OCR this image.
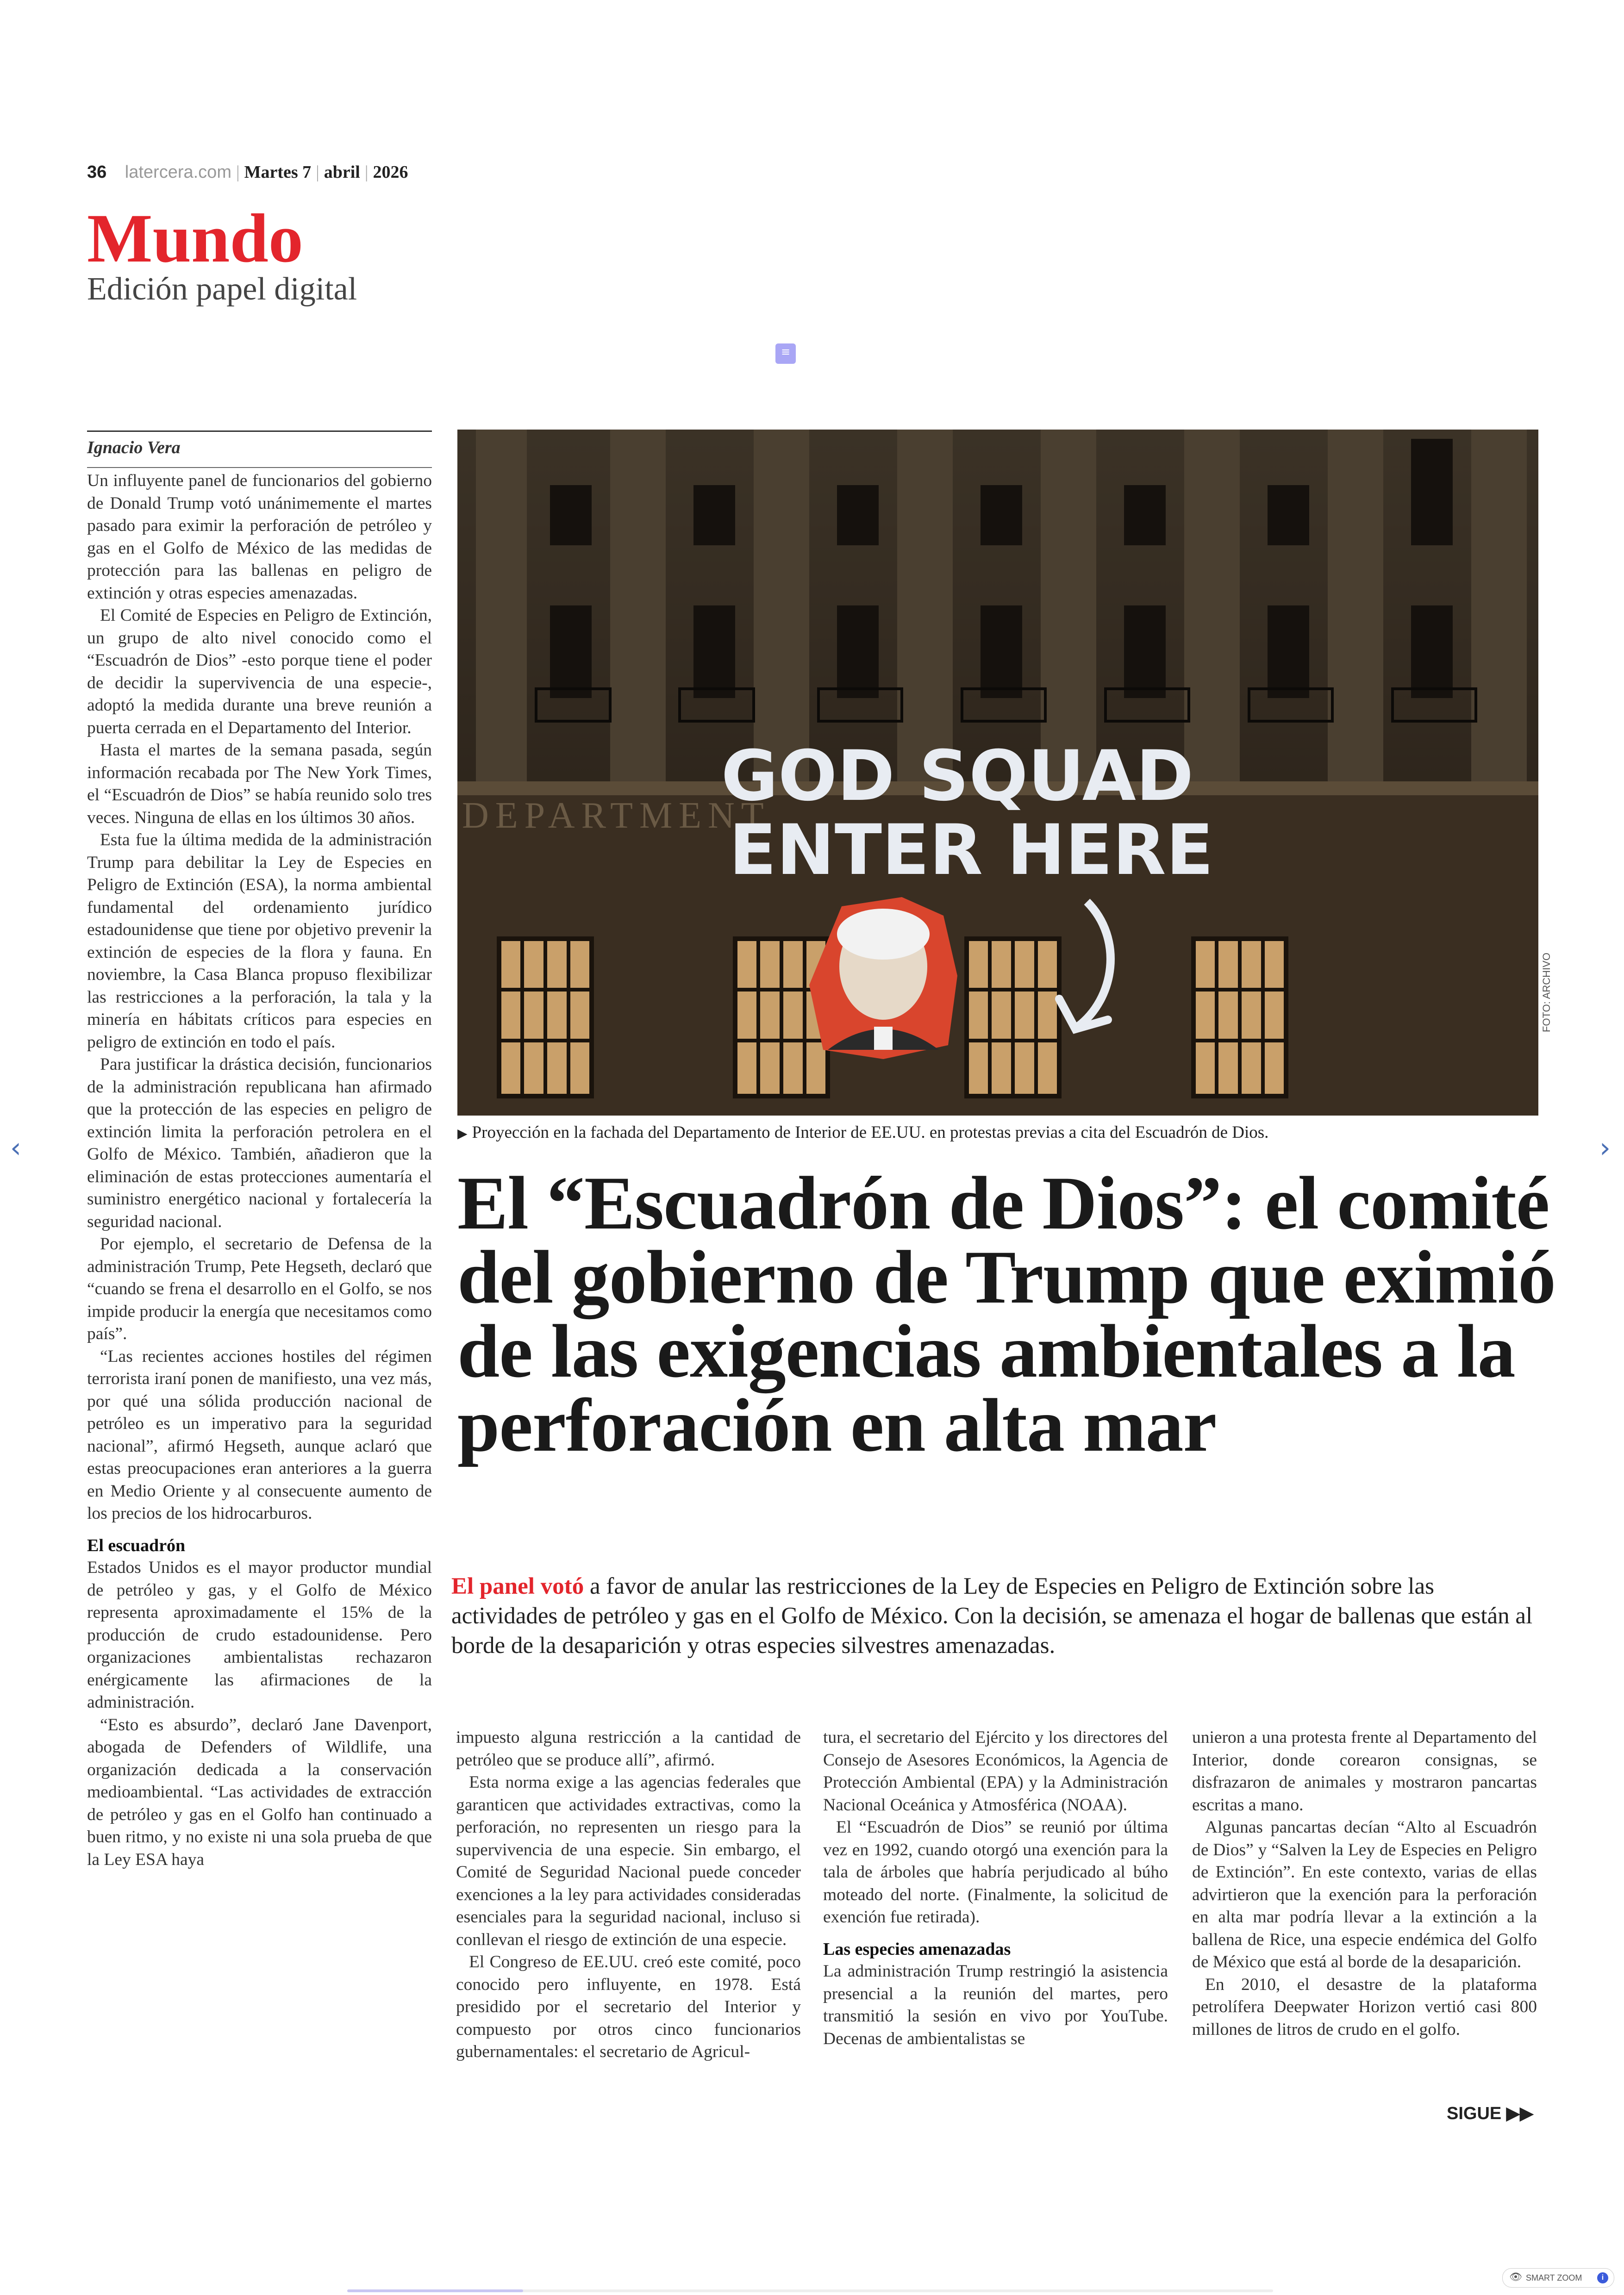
36 latercera.com | Martes 7 | abril | 2026
Mundo
Edición papel digital
≡
Ignacio Vera

Un influyente panel de funcionarios del gobierno de Donald Trump votó unánimemente el martes pasado para eximir la perforación de petróleo y gas en el Golfo de México de las medidas de protección para las ballenas en peligro de extinción y otras especies amenazadas.

El Comité de Especies en Peligro de Extinción, un grupo de alto nivel conocido como el “Escuadrón de Dios” -esto porque tiene el poder de decidir la supervivencia de una especie-, adoptó la medida durante una breve reunión a puerta cerrada en el Departamento del Interior.

Hasta el martes de la semana pasada, según información recabada por The New York Times, el “Escuadrón de Dios” se había reunido solo tres veces. Ninguna de ellas en los últimos 30 años.

Esta fue la última medida de la administración Trump para debilitar la Ley de Especies en Peligro de Extinción (ESA), la norma ambiental fundamental del ordenamiento jurídico estadounidense que tiene por objetivo prevenir la extinción de especies de la flora y fauna. En noviembre, la Casa Blanca propuso flexibilizar las restricciones a la perforación, la tala y la minería en hábitats críticos para especies en peligro de extinción en todo el país.

Para justificar la drástica decisión, funcionarios de la administración republicana han afirmado que la protección de las especies en peligro de extinción limita la perforación petrolera en el Golfo de México. También, añadieron que la eliminación de estas protecciones aumentaría el suministro energético nacional y fortalecería la seguridad nacional.

Por ejemplo, el secretario de Defensa de la administración Trump, Pete Hegseth, declaró que “cuando se frena el desarrollo en el Golfo, se nos impide producir la energía que necesitamos como país”.

“Las recientes acciones hostiles del régimen terrorista iraní ponen de manifiesto, una vez más, por qué una sólida producción nacional de petróleo es un imperativo para la seguridad nacional”, afirmó Hegseth, aunque aclaró que estas preocupaciones eran anteriores a la guerra en Medio Oriente y al consecuente aumento de los precios de los hidrocarburos.

El escuadrón

Estados Unidos es el mayor productor mundial de petróleo y gas, y el Golfo de México representa aproximadamente el 15% de la producción de crudo estadounidense. Pero organizaciones ambientalistas rechazaron enérgicamente las afirmaciones de la administración.

“Esto es absurdo”, declaró Jane Davenport, abogada de Defenders of Wildlife, una organización dedicada a la conservación medioambiental. “Las actividades de extracción de petróleo y gas en el Golfo han continuado a buen ritmo, y no existe ni una sola prueba de que la Ley ESA haya

DEPARTMENT
GOD SQUAD
ENTER HERE
FOTO: ARCHIVO
▶ Proyección en la fachada del Departamento de Interior de EE.UU. en protestas previas a cita del Escuadrón de Dios.
El “Escuadrón de Dios”: el comité del gobierno de Trump que eximió de las exigencias ambientales a la perforación en alta mar
El panel votó a favor de anular las restricciones de la Ley de Especies en Peligro de Extinción sobre las actividades de petróleo y gas en el Golfo de México. Con la decisión, se amenaza el hogar de ballenas que están al borde de la desaparición y otras especies silvestres amenazadas.

impuesto alguna restricción a la cantidad de petróleo que se produce allí”, afirmó.

Esta norma exige a las agencias federales que garanticen que actividades extractivas, como la perforación, no representen un riesgo para la supervivencia de una especie. Sin embargo, el Comité de Seguridad Nacional puede conceder exenciones a la ley para actividades consideradas esenciales para la seguridad nacional, incluso si conllevan el riesgo de extinción de una especie.

El Congreso de EE.UU. creó este comité, poco conocido pero influyente, en 1978. Está presidido por el secretario del Interior y compuesto por otros cinco funcionarios gubernamentales: el secretario de Agricul-

tura, el secretario del Ejército y los directores del Consejo de Asesores Económicos, la Agencia de Protección Ambiental (EPA) y la Administración Nacional Oceánica y Atmosférica (NOAA).

El “Escuadrón de Dios” se reunió por última vez en 1992, cuando otorgó una exención para la tala de árboles que habría perjudicado al búho moteado del norte. (Finalmente, la solicitud de exención fue retirada).

Las especies amenazadas

La administración Trump restringió la asistencia presencial a la reunión del martes, pero transmitió la sesión en vivo por YouTube. Decenas de ambientalistas se

unieron a una protesta frente al Departamento del Interior, donde corearon consignas, se disfrazaron de animales y mostraron pancartas escritas a mano.

Algunas pancartas decían “Alto al Escuadrón de Dios” y “Salven la Ley de Especies en Peligro de Extinción”. En este contexto, varias de ellas advirtieron que la exención para la perforación en alta mar podría llevar a la extinción a la ballena de Rice, una especie endémica del Golfo de México que está al borde de la desaparición.

En 2010, el desastre de la plataforma petrolífera Deepwater Horizon vertió casi 800 millones de litros de crudo en el golfo.

SIGUE ▶▶
‹	›
👁 SMART ZOOM	i
